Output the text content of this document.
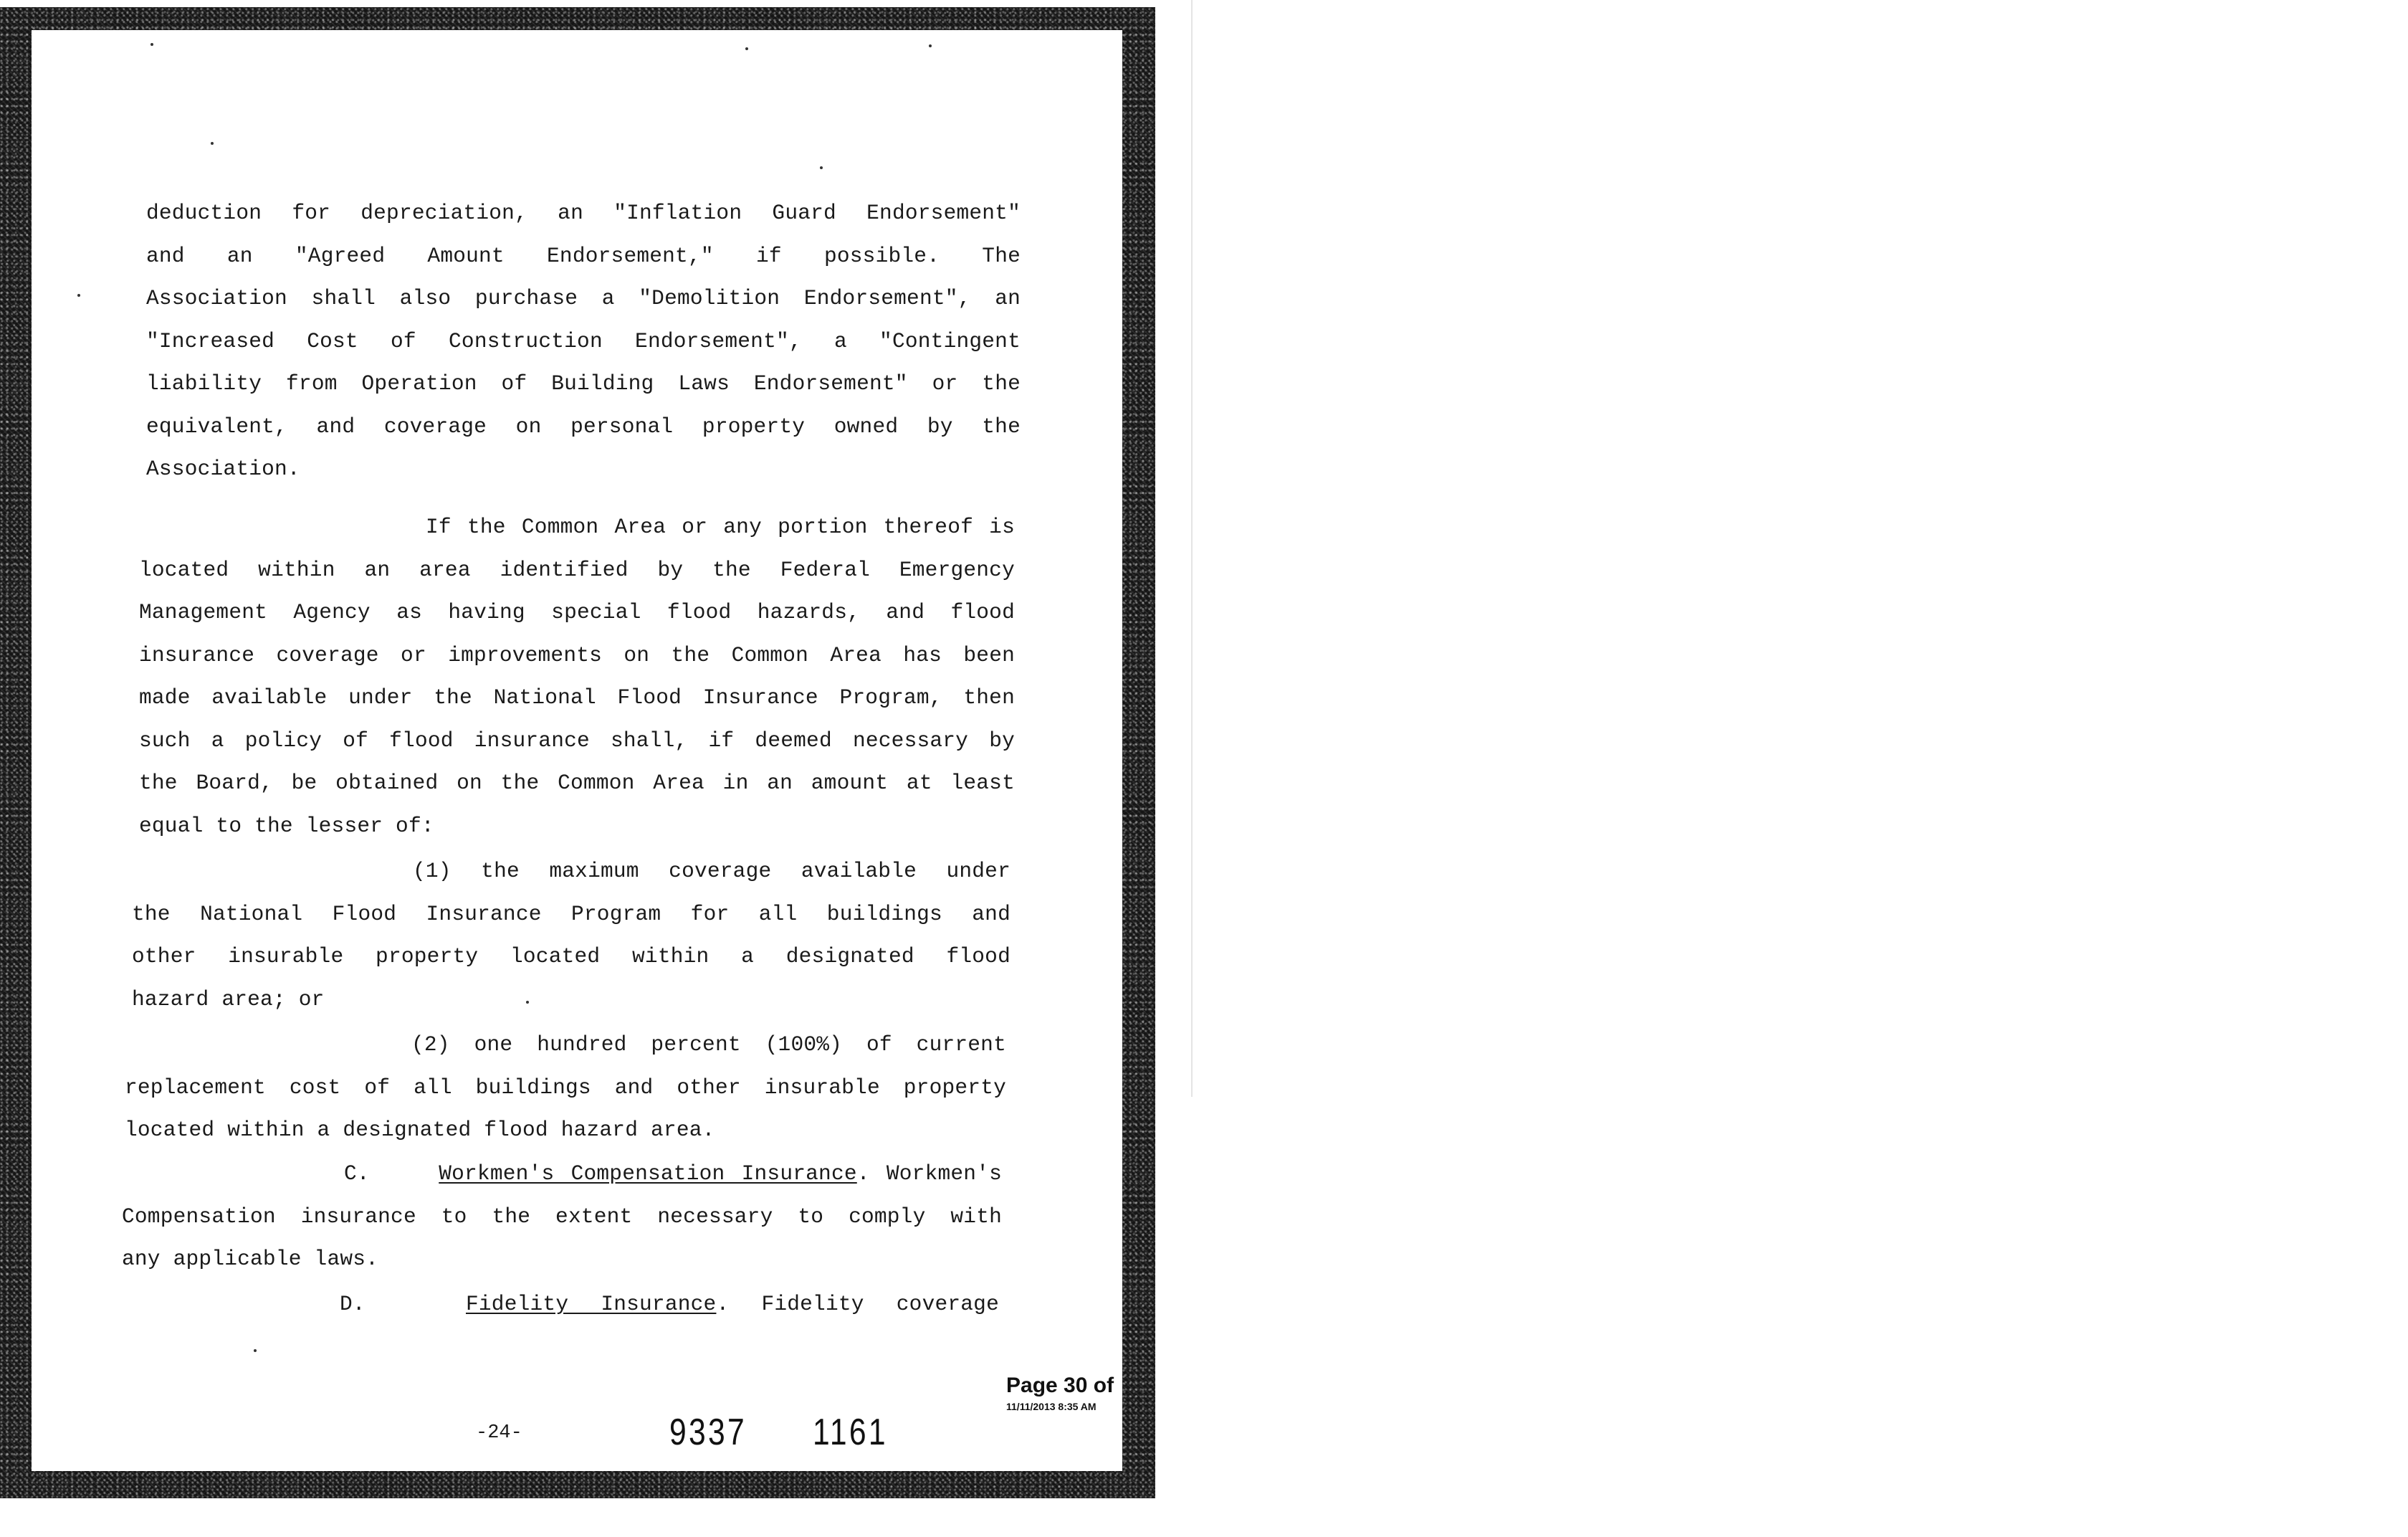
deduction for depreciation, an "Inflation Guard Endorsement"
and an "Agreed Amount Endorsement," if possible. The
Association shall also purchase a "Demolition Endorsement", an
"Increased Cost of Construction Endorsement", a "Contingent
liability from Operation of Building Laws Endorsement" or the
equivalent, and coverage on personal property owned by the
Association.
If the Common Area or any portion thereof is
located within an area identified by the Federal Emergency
Management Agency as having special flood hazards, and flood
insurance coverage or improvements on the Common Area has been
made available under the National Flood Insurance Program, then
such a policy of flood insurance shall, if deemed necessary by
the Board, be obtained on the Common Area in an amount at least
equal to the lesser of:
(1) the maximum coverage available under
the National Flood Insurance Program for all buildings and
other insurable property located within a designated flood
hazard area; or
(2) one hundred percent (100%) of current
replacement cost of all buildings and other insurable property
located within a designated flood hazard area.
C.	Workmen's Compensation Insurance. Workmen's
Compensation insurance to the extent necessary to comply with
any applicable laws.
D.	Fidelity Insurance. Fidelity coverage
-24-	9337 1161
Page 30 of
11/11/2013 8:35 AM
